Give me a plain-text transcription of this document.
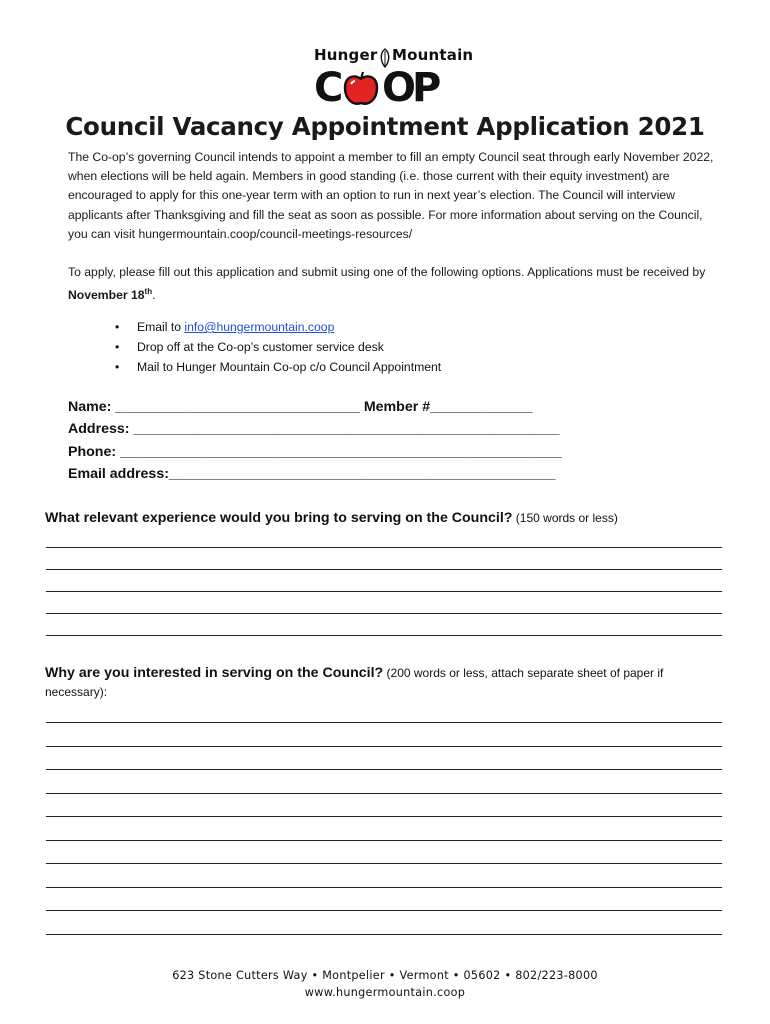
Hunger Mountain
C O
P
Council Vacancy Appointment Application 2021

The Co-op’s governing Council intends to appoint a member to fill an empty Council seat through early November 2022, when elections will be held again. Members in good standing (i.e. those current with their equity investment) are encouraged to apply for this one-year term with an option to run in next year’s election. The Council will interview applicants after Thanksgiving and fill the seat as soon as possible. For more information about serving on the Council, you can visit hungermountain.coop/council-meetings-resources/

To apply, please fill out this application and submit using one of the following options. Applications must be received by November 18th.

• Email to info@hungermountain.coop
• Drop off at the Co-op’s customer service desk
• Mail to Hunger Mountain Co-op c/o Council Appointment
Name: _______________________________ Member #_____________
Address: ______________________________________________________
Phone: ________________________________________________________
Email address:_________________________________________________
What relevant experience would you bring to serving on the Council? (150 words or less)
Why are you interested in serving on the Council? (200 words or less, attach separate sheet of paper if necessary):
623 Stone Cutters Way • Montpelier • Vermont • 05602 • 802/223-8000
www.hungermountain.coop
